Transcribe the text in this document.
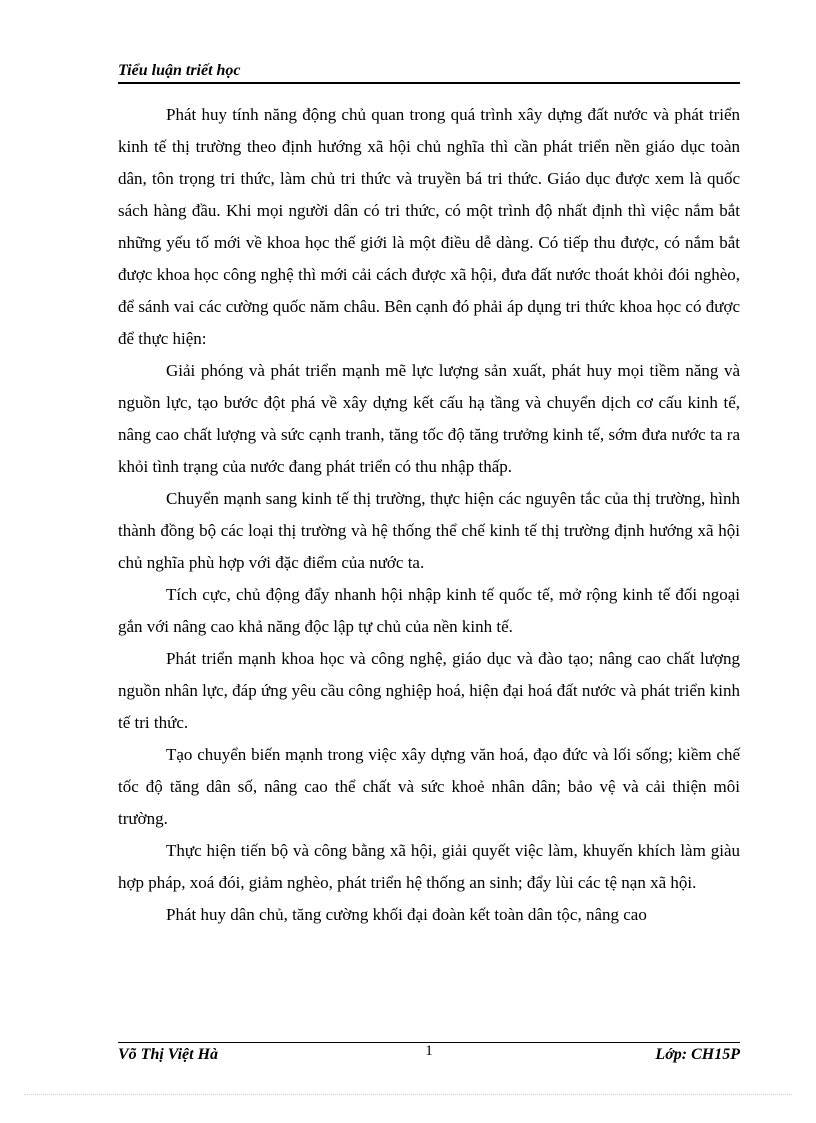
Tiểu luận triết học

Phát huy tính năng động chủ quan trong quá trình xây dựng đất nước và phát triển kinh tế thị trường theo định hướng xã hội chủ nghĩa thì cần phát triển nền giáo dục toàn dân, tôn trọng tri thức, làm chủ tri thức và truyền bá tri thức. Giáo dục được xem là quốc sách hàng đầu. Khi mọi người dân có tri thức, có một trình độ nhất định thì việc nắm bắt những yếu tố mới về khoa học thế giới là một điều dễ dàng. Có tiếp thu được, có nắm bắt được khoa học công nghệ thì mới cải cách được xã hội, đưa đất nước thoát khỏi đói nghèo, để sánh vai các cường quốc năm châu. Bên cạnh đó phải áp dụng tri thức khoa học có được để thực hiện:

Giải phóng và phát triển mạnh mẽ lực lượng sản xuất, phát huy mọi tiềm năng và nguồn lực, tạo bước đột phá về xây dựng kết cấu hạ tầng và chuyển dịch cơ cấu kinh tế, nâng cao chất lượng và sức cạnh tranh, tăng tốc độ tăng trưởng kinh tế, sớm đưa nước ta ra khỏi tình trạng của nước đang phát triển có thu nhập thấp.

Chuyển mạnh sang kinh tế thị trường, thực hiện các nguyên tắc của thị trường, hình thành đồng bộ các loại thị trường và hệ thống thể chế kinh tế thị trường định hướng xã hội chủ nghĩa phù hợp với đặc điểm của nước ta.

Tích cực, chủ động đẩy nhanh hội nhập kinh tế quốc tế, mở rộng kinh tế đối ngoại gắn với nâng cao khả năng độc lập tự chủ của nền kinh tế.

Phát triển mạnh khoa học và công nghệ, giáo dục và đào tạo; nâng cao chất lượng nguồn nhân lực, đáp ứng yêu cầu công nghiệp hoá, hiện đại hoá đất nước và phát triển kinh tế tri thức.

Tạo chuyển biến mạnh trong việc xây dựng văn hoá, đạo đức và lối sống; kiềm chế tốc độ tăng dân số, nâng cao thể chất và sức khoẻ nhân dân; bảo vệ và cải thiện môi trường.

Thực hiện tiến bộ và công bằng xã hội, giải quyết việc làm, khuyến khích làm giàu hợp pháp, xoá đói, giảm nghèo, phát triển hệ thống an sinh; đẩy lùi các tệ nạn xã hội.

Phát huy dân chủ, tăng cường khối đại đoàn kết toàn dân tộc, nâng cao

Võ Thị Việt Hà	1	Lớp: CH15P
